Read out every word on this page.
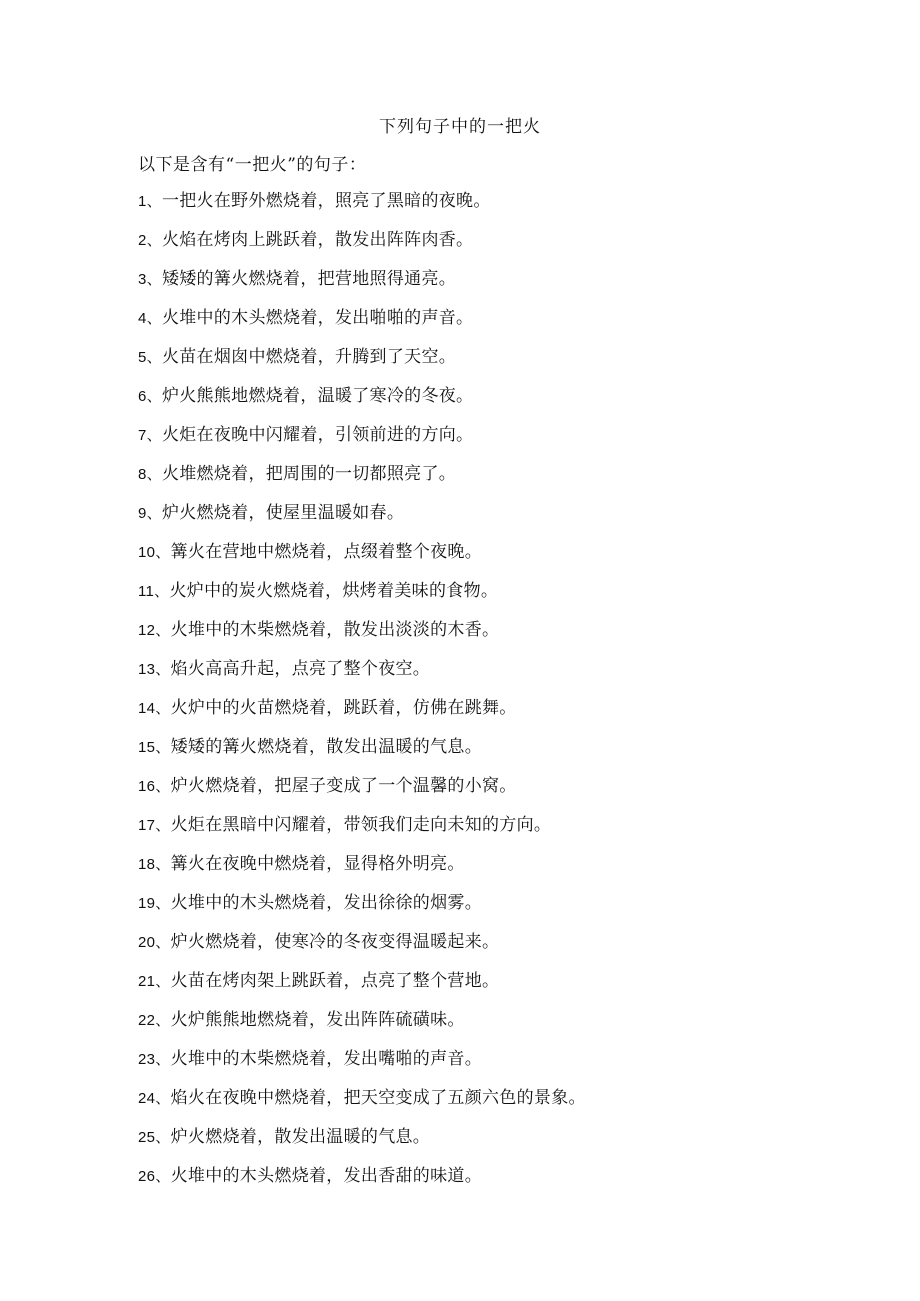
下列句子中的一把火
以下是含有“一把火”的句子：
1、一把火在野外燃烧着，照亮了黑暗的夜晚。
2、火焰在烤肉上跳跃着，散发出阵阵肉香。
3、矮矮的篝火燃烧着，把营地照得通亮。
4、火堆中的木头燃烧着，发出啪啪的声音。
5、火苗在烟囱中燃烧着，升腾到了天空。
6、炉火熊熊地燃烧着，温暖了寒冷的冬夜。
7、火炬在夜晚中闪耀着，引领前进的方向。
8、火堆燃烧着，把周围的一切都照亮了。
9、炉火燃烧着，使屋里温暖如春。
10、篝火在营地中燃烧着，点缀着整个夜晚。
11、火炉中的炭火燃烧着，烘烤着美味的食物。
12、火堆中的木柴燃烧着，散发出淡淡的木香。
13、焰火高高升起，点亮了整个夜空。
14、火炉中的火苗燃烧着，跳跃着，仿佛在跳舞。
15、矮矮的篝火燃烧着，散发出温暖的气息。
16、炉火燃烧着，把屋子变成了一个温馨的小窝。
17、火炬在黑暗中闪耀着，带领我们走向未知的方向。
18、篝火在夜晚中燃烧着，显得格外明亮。
19、火堆中的木头燃烧着，发出徐徐的烟雾。
20、炉火燃烧着，使寒冷的冬夜变得温暖起来。
21、火苗在烤肉架上跳跃着，点亮了整个营地。
22、火炉熊熊地燃烧着，发出阵阵硫磺味。
23、火堆中的木柴燃烧着，发出嘴啪的声音。
24、焰火在夜晚中燃烧着，把天空变成了五颜六色的景象。
25、炉火燃烧着，散发出温暖的气息。
26、火堆中的木头燃烧着，发出香甜的味道。
